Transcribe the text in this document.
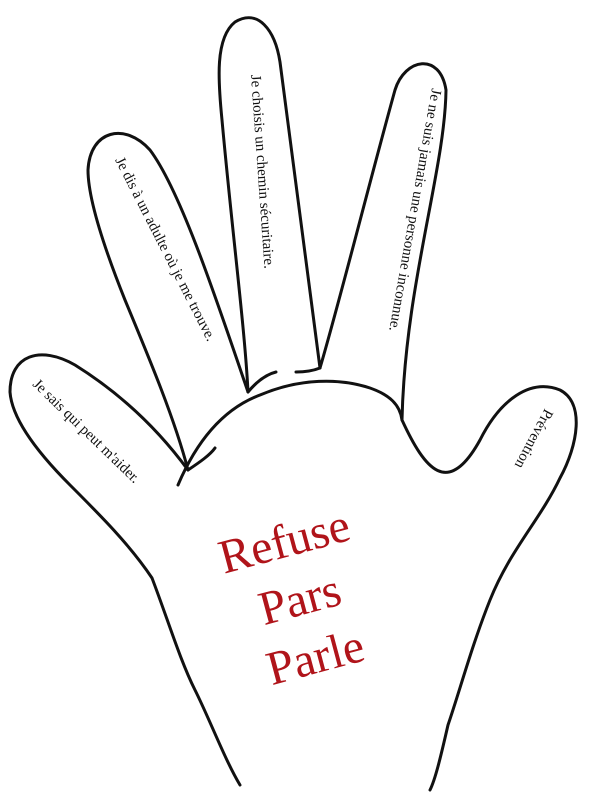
Je sais qui peut m'aider.
Je dis à un adulte où je me trouve. Je choisis un chemin sécuritaire.	Je ne suis jamais une personne inconnue.
Prévention
Refuse
Pars
Parle
